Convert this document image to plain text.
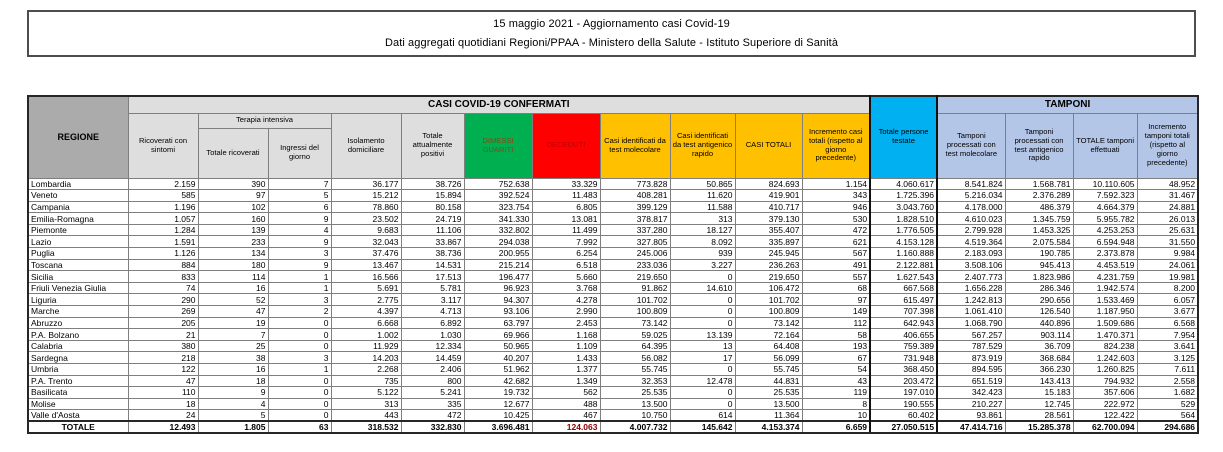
15 maggio 2021 - Aggiornamento casi Covid-19
Dati aggregati quotidiani Regioni/PPAA - Ministero della Salute - Istituto Superiore di Sanità
REGIONE	CASI COVID-19 CONFERMATI											Totale persone testate	TAMPONI			
	Ricoverati con sintomi	Terapia intensiva		Isolamento domiciliare	Totale attualmente positivi	DIMESSI GUARITI	DECEDUTI	Casi identificati da test molecolare	Casi identificati da test antigenico rapido	CASI TOTALI	Incremento casi totali (rispetto al giorno precedente)		Tamponi processati con test molecolare	Tamponi processati con test antigenico rapido	TOTALE tamponi effettuati	Incremento tamponi totali (rispetto al giorno precedente)
		Totale ricoverati	Ingressi del giorno													
Lombardia	2.159	390	7	36.177	38.726	752.638	33.329	773.828	50.865	824.693	1.154	4.060.617	8.541.824	1.568.781	10.110.605	48.952
Veneto	585	97	5	15.212	15.894	392.524	11.483	408.281	11.620	419.901	343	1.725.396	5.216.034	2.376.289	7.592.323	31.467
Campania	1.196	102	6	78.860	80.158	323.754	6.805	399.129	11.588	410.717	946	3.043.760	4.178.000	486.379	4.664.379	24.881
Emilia-Romagna	1.057	160	9	23.502	24.719	341.330	13.081	378.817	313	379.130	530	1.828.510	4.610.023	1.345.759	5.955.782	26.013
Piemonte	1.284	139	4	9.683	11.106	332.802	11.499	337.280	18.127	355.407	472	1.776.505	2.799.928	1.453.325	4.253.253	25.631
Lazio	1.591	233	9	32.043	33.867	294.038	7.992	327.805	8.092	335.897	621	4.153.128	4.519.364	2.075.584	6.594.948	31.550
Puglia	1.126	134	3	37.476	38.736	200.955	6.254	245.006	939	245.945	567	1.160.888	2.183.093	190.785	2.373.878	9.984
Toscana	884	180	9	13.467	14.531	215.214	6.518	233.036	3.227	236.263	491	2.122.881	3.508.106	945.413	4.453.519	24.061
Sicilia	833	114	1	16.566	17.513	196.477	5.660	219.650	0	219.650	557	1.627.543	2.407.773	1.823.986	4.231.759	19.981
Friuli Venezia Giulia	74	16	1	5.691	5.781	96.923	3.768	91.862	14.610	106.472	68	667.568	1.656.228	286.346	1.942.574	8.200
Liguria	290	52	3	2.775	3.117	94.307	4.278	101.702	0	101.702	97	615.497	1.242.813	290.656	1.533.469	6.057
Marche	269	47	2	4.397	4.713	93.106	2.990	100.809	0	100.809	149	707.398	1.061.410	126.540	1.187.950	3.677
Abruzzo	205	19	0	6.668	6.892	63.797	2.453	73.142	0	73.142	112	642.943	1.068.790	440.896	1.509.686	6.568
P.A. Bolzano	21	7	0	1.002	1.030	69.966	1.168	59.025	13.139	72.164	58	406.655	567.257	903.114	1.470.371	7.954
Calabria	380	25	0	11.929	12.334	50.965	1.109	64.395	13	64.408	193	759.389	787.529	36.709	824.238	3.641
Sardegna	218	38	3	14.203	14.459	40.207	1.433	56.082	17	56.099	67	731.948	873.919	368.684	1.242.603	3.125
Umbria	122	16	1	2.268	2.406	51.962	1.377	55.745	0	55.745	54	368.450	894.595	366.230	1.260.825	7.611
P.A. Trento	47	18	0	735	800	42.682	1.349	32.353	12.478	44.831	43	203.472	651.519	143.413	794.932	2.558
Basilicata	110	9	0	5.122	5.241	19.732	562	25.535	0	25.535	119	197.010	342.423	15.183	357.606	1.682
Molise	18	4	0	313	335	12.677	488	13.500	0	13.500	8	190.555	210.227	12.745	222.972	529
Valle d'Aosta	24	5	0	443	472	10.425	467	10.750	614	11.364	10	60.402	93.861	28.561	122.422	564
TOTALE	12.493	1.805	63	318.532	332.830	3.696.481	124.063	4.007.732	145.642	4.153.374	6.659	27.050.515	47.414.716	15.285.378	62.700.094	294.686
